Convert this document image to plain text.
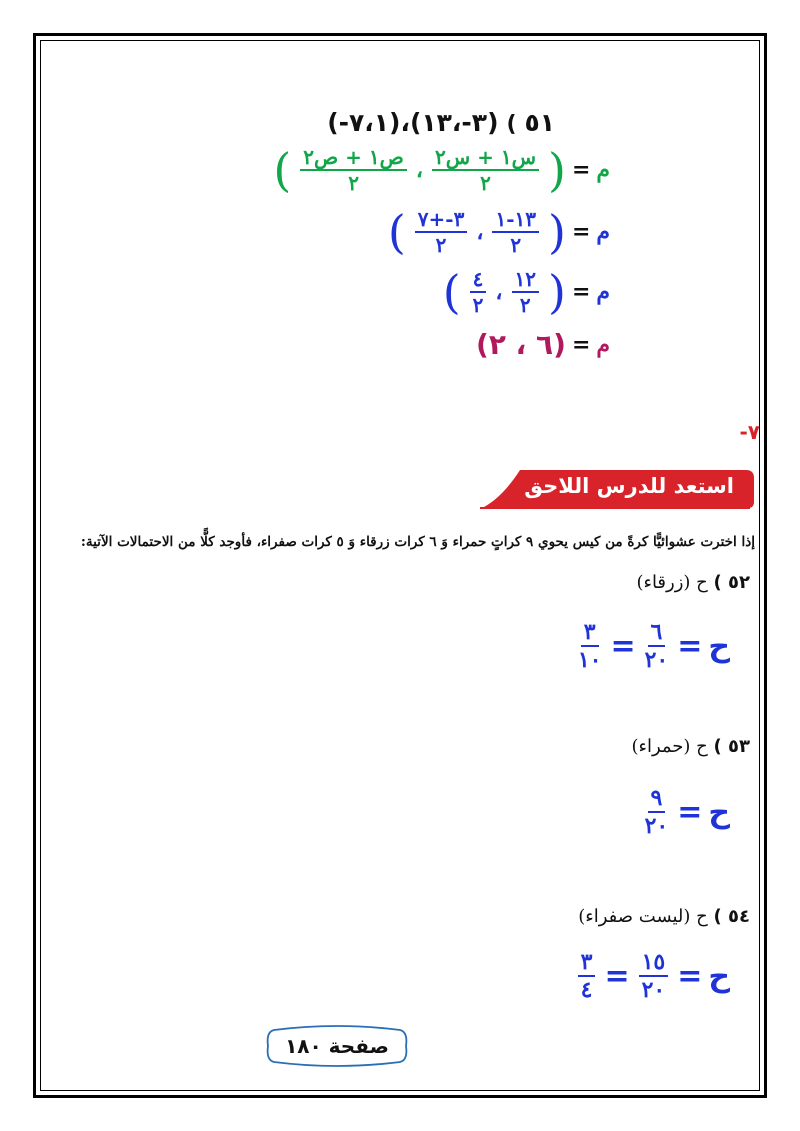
٥١ ) (٣-،١٣)،(٧،١-)
م
=
(
$\frac{\text{س١ + س٢}}{٢}$
،
$\frac{\text{ص١ + ص٢}}{٢}$
)
م
=
(
$\frac{١٣-١}{٢}$
،
$\frac{٣-+٧}{٢}$
)
م
=
(
$\frac{١٢}{٢}$
،
$\frac{٤}{٢}$
)
م
=
(٦ ، ٢)
٧-
استعد للدرس اللاحق
إذا اخترت عشوائيًّا كرةً من كيس يحوي ٩ كراتٍ حمراء وَ ٦ كرات زرقاء وَ ٥ كرات صفراء، فأوجد كلًّا من الاحتمالات الآتية:
٥٢ ) ح (زرقاء)
ح
=
$\frac{٦}{٢٠}$
=
$\frac{٣}{١٠}$
٥٣ ) ح (حمراء)
ح
=
$\frac{٩}{٢٠}$
٥٤ ) ح (ليست صفراء)
ح
=
$\frac{١٥}{٢٠}$
=
$\frac{٣}{٤}$
صفحة ١٨٠
